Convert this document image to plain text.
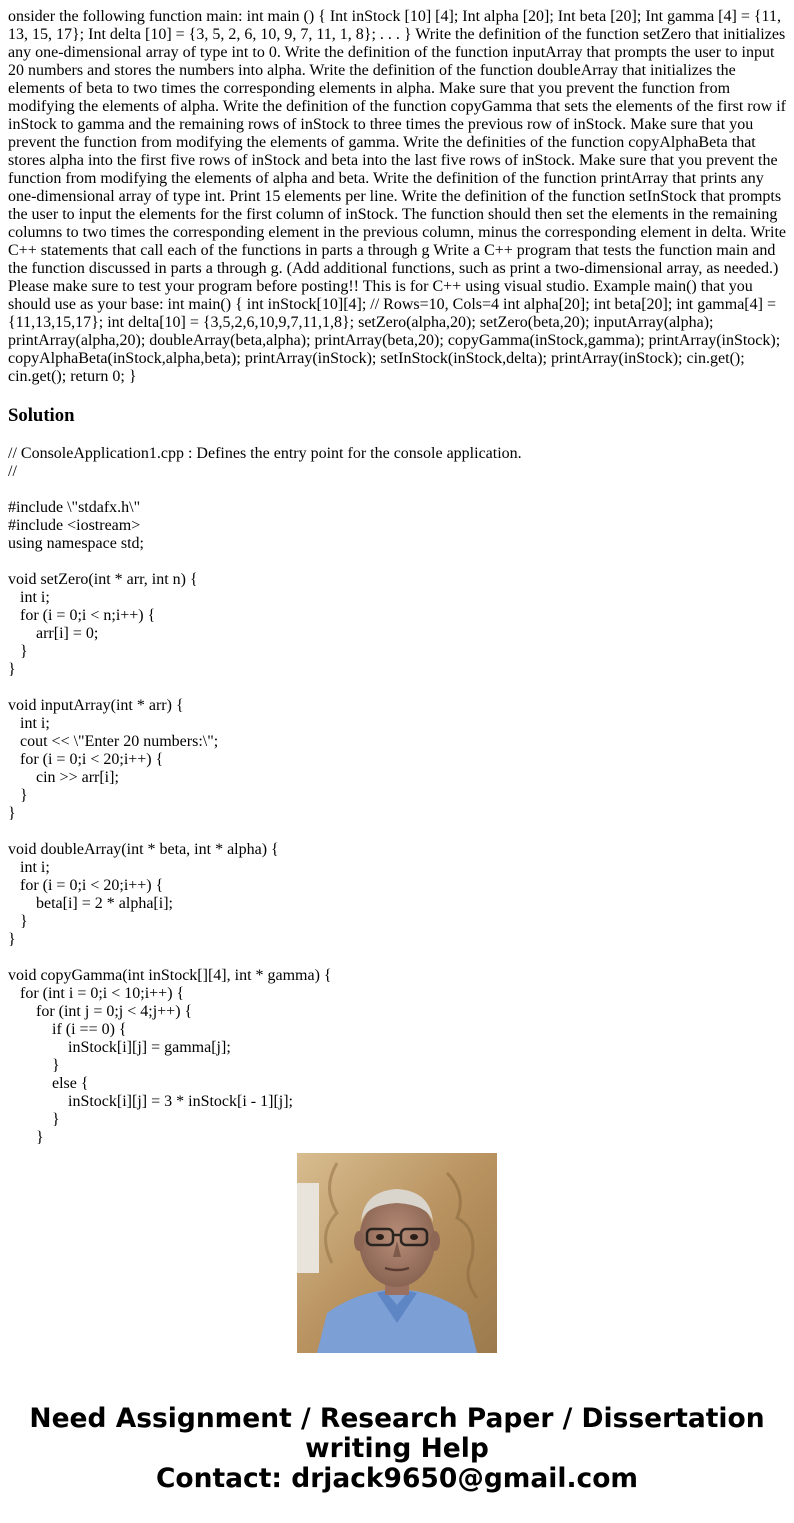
onsider the following function main: int main () { Int inStock [10] [4]; Int alpha [20]; Int beta [20]; Int gamma [4] = {11, 13, 15, 17}; Int delta [10] = {3, 5, 2, 6, 10, 9, 7, 11, 1, 8}; . . . } Write the definition of the function setZero that initializes any one-dimensional array of type int to 0. Write the definition of the function inputArray that prompts the user to input 20 numbers and stores the numbers into alpha. Write the definition of the function doubleArray that initializes the elements of beta to two times the corresponding elements in alpha. Make sure that you prevent the function from modifying the elements of alpha. Write the definition of the function copyGamma that sets the elements of the first row if inStock to gamma and the remaining rows of inStock to three times the previous row of inStock. Make sure that you prevent the function from modifying the elements of gamma. Write the definities of the function copyAlphaBeta that stores alpha into the first five rows of inStock and beta into the last five rows of inStock. Make sure that you prevent the function from modifying the elements of alpha and beta. Write the definition of the function printArray that prints any one-dimensional array of type int. Print 15 elements per line. Write the definition of the function setInStock that prompts the user to input the elements for the first column of inStock. The function should then set the elements in the remaining columns to two times the corresponding element in the previous column, minus the corresponding element in delta. Write C++ statements that call each of the functions in parts a through g Write a C++ program that tests the function main and the function discussed in parts a through g. (Add additional functions, such as print a two-dimensional array, as needed.) Please make sure to test your program before posting!! This is for C++ using visual studio. Example main() that you should use as your base: int main() { int inStock[10][4]; // Rows=10, Cols=4 int alpha[20]; int beta[20]; int gamma[4] = {11,13,15,17}; int delta[10] = {3,5,2,6,10,9,7,11,1,8}; setZero(alpha,20); setZero(beta,20); inputArray(alpha); printArray(alpha,20); doubleArray(beta,alpha); printArray(beta,20); copyGamma(inStock,gamma); printArray(inStock); copyAlphaBeta(inStock,alpha,beta); printArray(inStock); setInStock(inStock,delta); printArray(inStock); cin.get(); cin.get(); return 0; }

Solution
// ConsoleApplication1.cpp : Defines the entry point for the console application.
//
#include \"stdafx.h\"
#include <iostream>
using namespace std;
void setZero(int * arr, int n) {
int i;
for (i = 0;i < n;i++) {
arr[i] = 0;
}
}
void inputArray(int * arr) {
int i;
cout << \"Enter 20 numbers:\";
for (i = 0;i < 20;i++) {
cin >> arr[i];
}
}
void doubleArray(int * beta, int * alpha) {
int i;
for (i = 0;i < 20;i++) {
beta[i] = 2 * alpha[i];
}
}
void copyGamma(int inStock[][4], int * gamma) {
for (int i = 0;i < 10;i++) {
for (int j = 0;j < 4;j++) {
if (i == 0) {
inStock[i][j] = gamma[j];
}
else {
inStock[i][j] = 3 * inStock[i - 1][j];
}
}
Need Assignment / Research Paper / Dissertation
writing Help
Contact: drjack9650@gmail.com
